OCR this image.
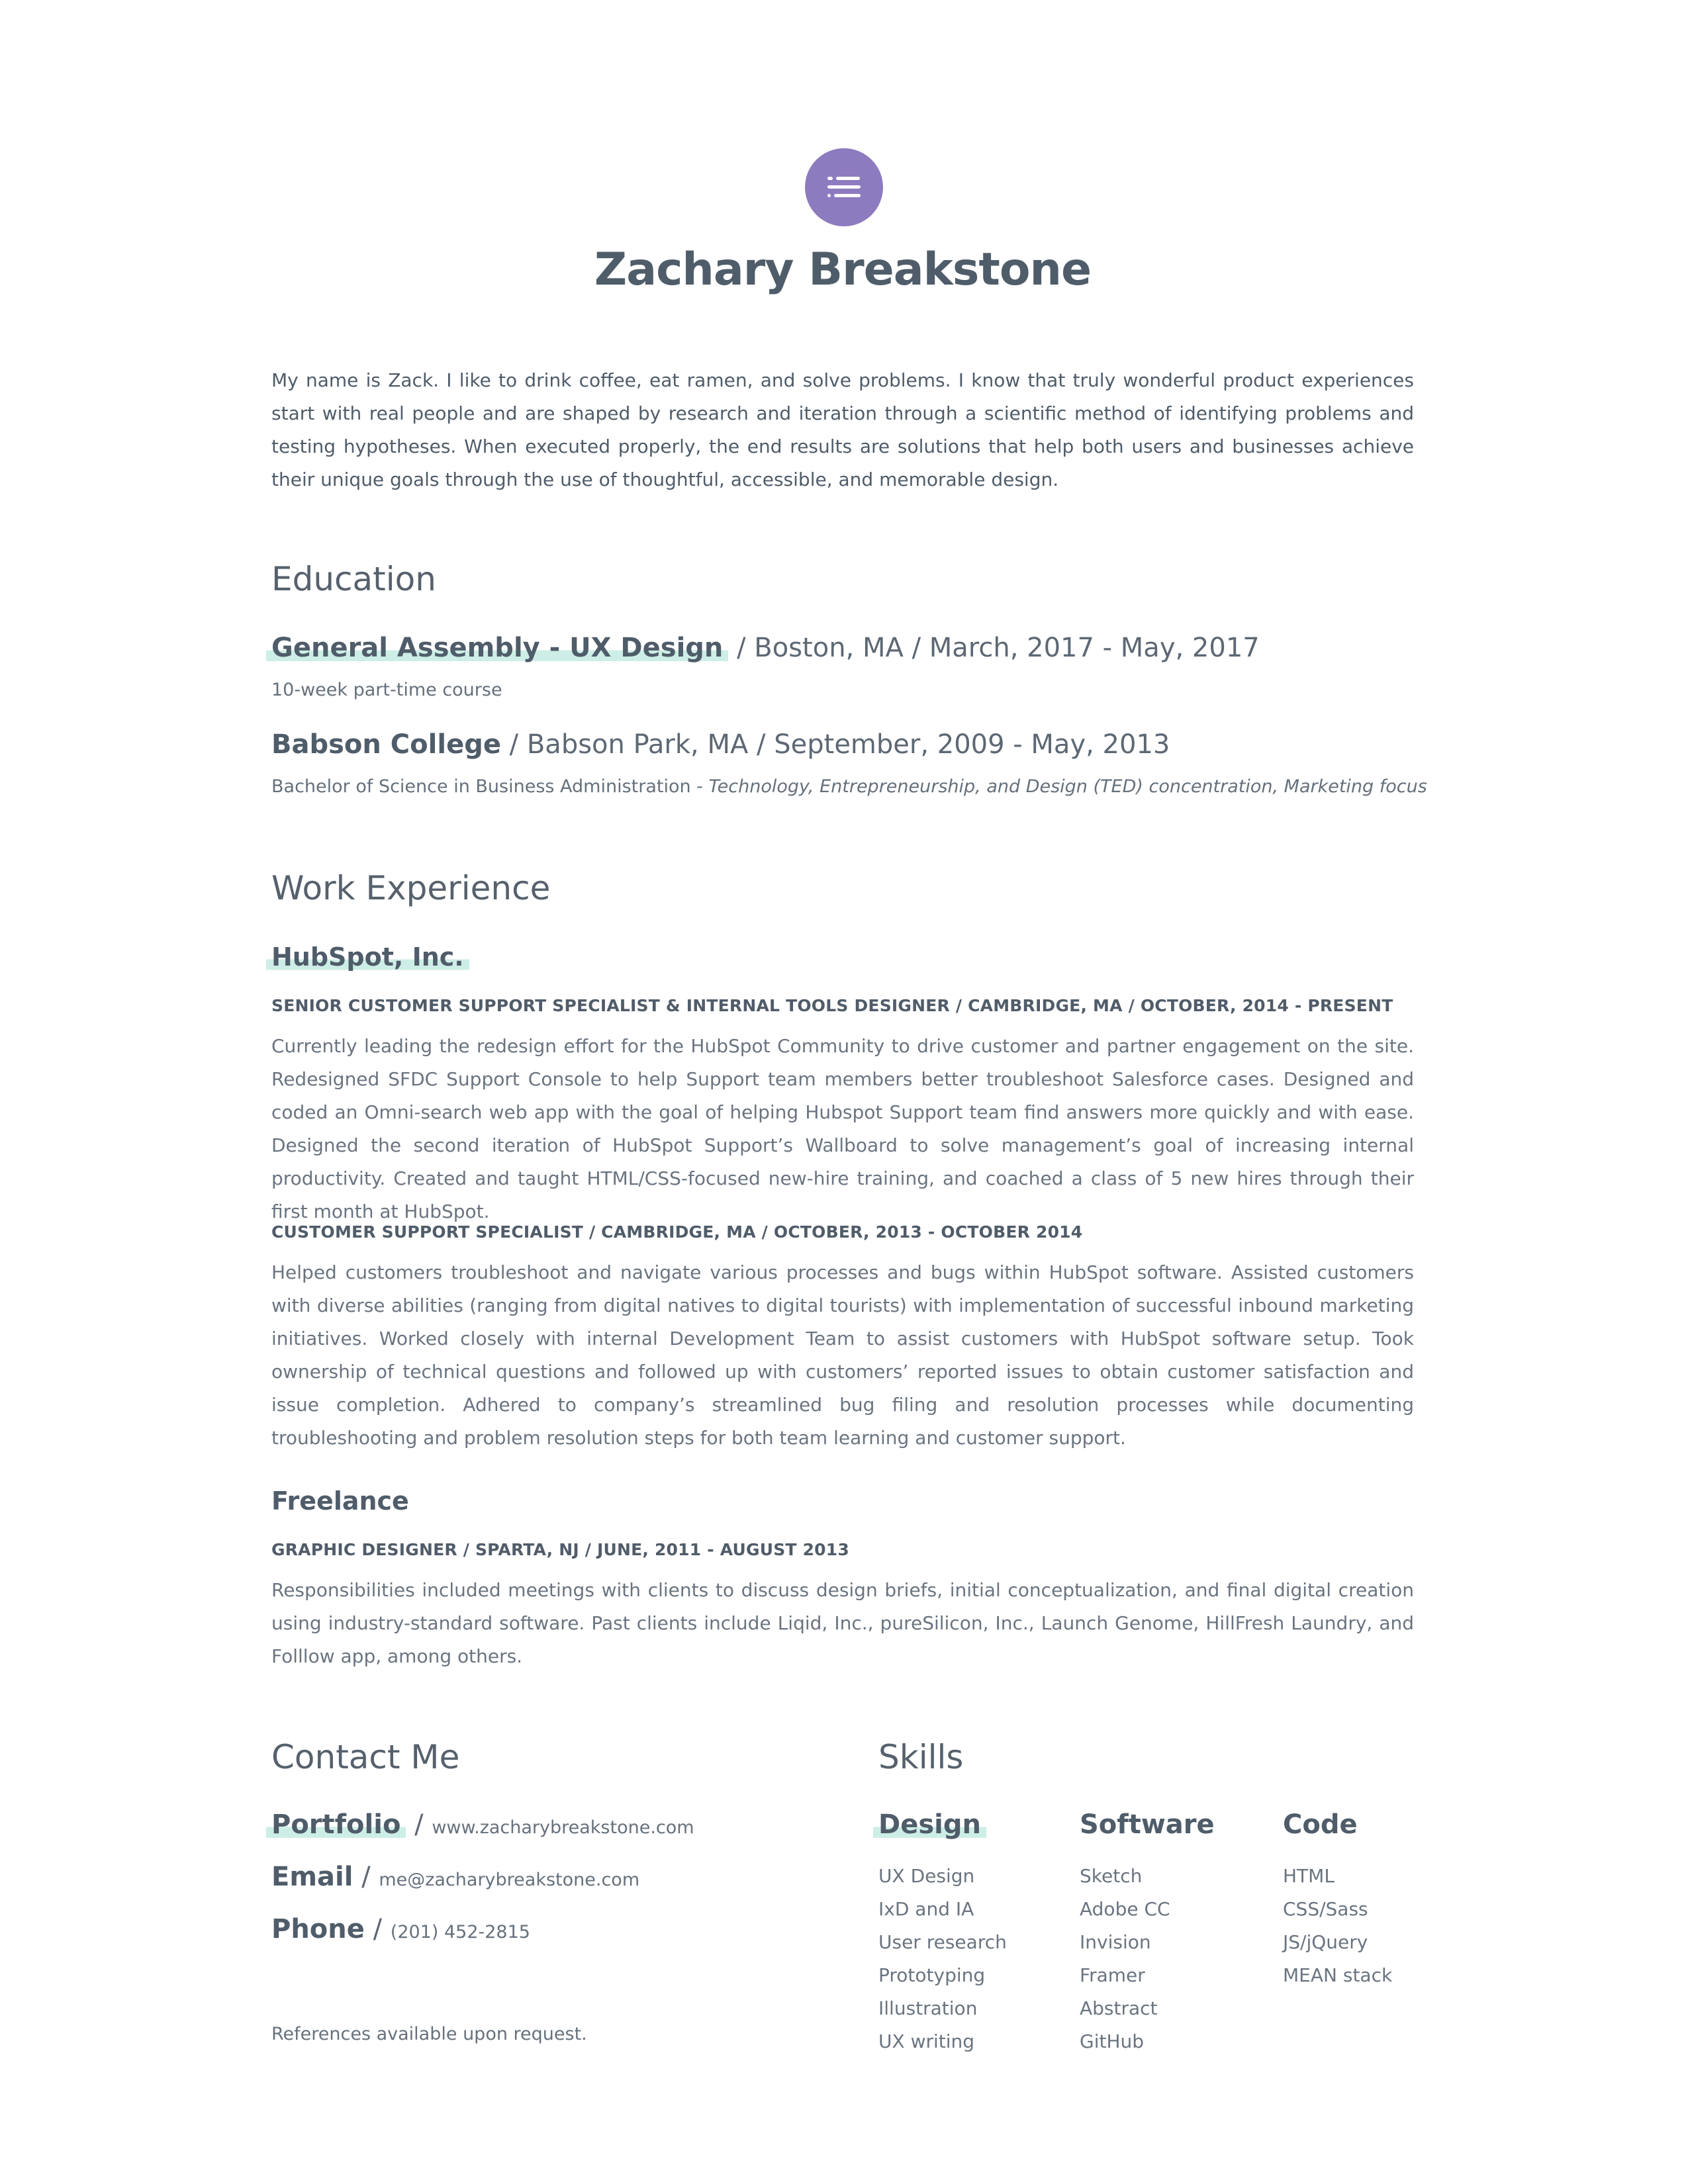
Zachary Breakstone

My name is Zack. I like to drink coffee, eat ramen, and solve problems. I know that truly wonderful product experiences start with real people and are shaped by research and iteration through a scientific method of identifying problems and testing hypotheses. When executed properly, the end results are solutions that help both users and businesses achieve their unique goals through the use of thoughtful, accessible, and memorable design.

Education

General Assembly - UX Design / Boston, MA / March, 2017 - May, 2017

10-week part-time course

Babson College / Babson Park, MA / September, 2009 - May, 2013

Bachelor of Science in Business Administration - Technology, Entrepreneurship, and Design (TED) concentration, Marketing focus

Work Experience

HubSpot, Inc.

SENIOR CUSTOMER SUPPORT SPECIALIST & INTERNAL TOOLS DESIGNER / CAMBRIDGE, MA / OCTOBER, 2014 - PRESENT

Currently leading the redesign effort for the HubSpot Community to drive customer and partner engagement on the site. Redesigned SFDC Support Console to help Support team members better troubleshoot Salesforce cases. Designed and coded an Omni-search web app with the goal of helping Hubspot Support team find answers more quickly and with ease. Designed the second iteration of HubSpot Support’s Wallboard to solve management’s goal of increasing internal productivity. Created and taught HTML/CSS-focused new-hire training, and coached a class of 5 new hires through their first month at HubSpot.

CUSTOMER SUPPORT SPECIALIST / CAMBRIDGE, MA / OCTOBER, 2013 - OCTOBER 2014

Helped customers troubleshoot and navigate various processes and bugs within HubSpot software. Assisted customers with diverse abilities (ranging from digital natives to digital tourists) with implementation of successful inbound marketing initiatives. Worked closely with internal Development Team to assist customers with HubSpot software setup. Took ownership of technical questions and followed up with customers’ reported issues to obtain customer satisfaction and issue completion. Adhered to company’s streamlined bug filing and resolution processes while documenting troubleshooting and problem resolution steps for both team learning and customer support.

Freelance

GRAPHIC DESIGNER / SPARTA, NJ / JUNE, 2011 - AUGUST 2013

Responsibilities included meetings with clients to discuss design briefs, initial conceptualization, and final digital creation using industry-standard software. Past clients include Liqid, Inc., pureSilicon, Inc., Launch Genome, HillFresh Laundry, and Folllow app, among others.

Contact Me

Portfolio / www.zacharybreakstone.com

Email / me@zacharybreakstone.com

Phone / (201) 452-2815

References available upon request.

Skills

Design

UX Design
IxD and IA
User research
Prototyping
Illustration
UX writing

Software

Sketch
Adobe CC
Invision
Framer
Abstract
GitHub

Code

HTML
CSS/Sass
JS/jQuery
MEAN stack
